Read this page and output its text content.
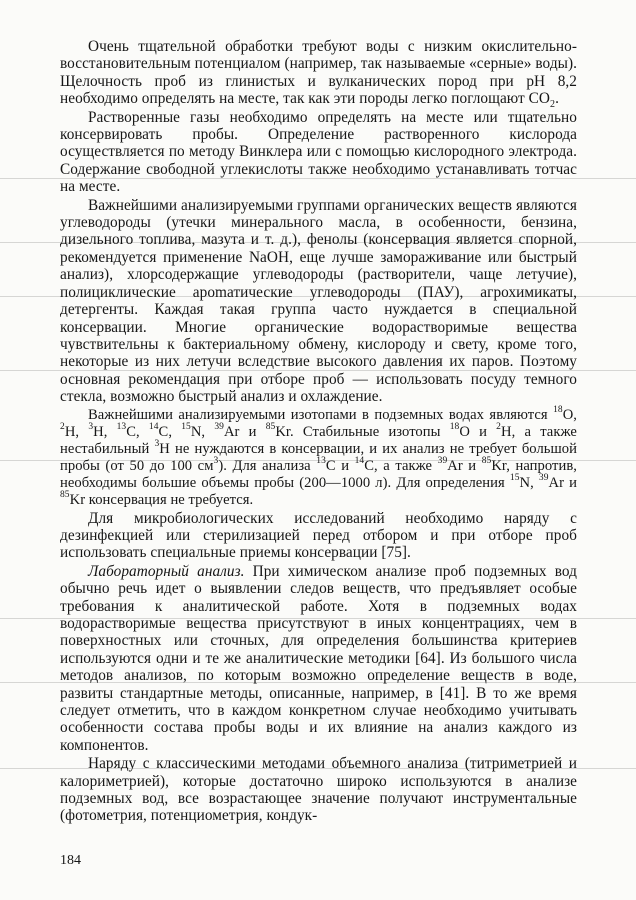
Очень тщательной обработки требуют воды с низким окислительно-восстановительным потенциалом (например, так называемые «серные» воды). Щелочность проб из глинистых и вулканических пород при pH 8,2 необходимо определять на месте, так как эти породы легко поглощают $CO_2$.

Растворенные газы необходимо определять на месте или тщательно консервировать пробы. Определение растворенного кислорода осуществляется по методу Винклера или с помощью кислородного электрода. Содержание свободной углекислоты также необходимо устанавливать тотчас на месте.

Важнейшими анализируемыми группами органических веществ являются углеводороды (утечки минерального масла, в особенности, бензина, дизельного топлива, мазута и т. д.), фенолы (консервация является спорной, рекомендуется применение NaOH, еще лучше замораживание или быстрый анализ), хлорсодержащие углеводороды (растворители, чаще летучие), полициклические ароmатические углеводороды (ПАУ), агрохимикаты, детергенты. Каждая такая группа часто нуждается в специальной консервации. Многие органические водорастворимые вещества чувствительны к бактериальному обмену, кислороду и свету, кроме того, некоторые из них летучи вследствие высокого давления их паров. Поэтому основная рекомендация при отборе проб — использовать посуду темного стекла, возможно быстрый анализ и охлаждение.

Важнейшими анализируемыми изотопами в подземных водах являются $^{18}$O, $^2$H, $^3$H, $^{13}$C, $^{14}$C, $^{15}$N, $^{39}$Ar и $^{85}$Kr. Стабильные изотопы $^{18}$O и $^2$H, а также нестабильный $^3$H не нуждаются в консервации, и их анализ не требует большой пробы (от 50 до 100 $см^3$). Для анализа $^{13}$C и $^{14}$C, а также $^{39}$Ar и $^{85}$Kr, напротив, необходимы большие объемы пробы (200—1000 л). Для определения $^{15}$N, $^{39}$Ar и $^{85}$Kr консервация не требуется.

Для микробиологических исследований необходимо наряду с дезинфекцией или стерилизацией перед отбором и при отборе проб использовать специальные приемы консервации [75].

Лабораторный анализ. При химическом анализе проб подземных вод обычно речь идет о выявлении следов веществ, что предъявляет особые требования к аналитической работе. Хотя в подземных водах водорастворимые вещества присутствуют в иных концентрациях, чем в поверхностных или сточных, для определения большинства критериев используются одни и те же аналитические методики [64]. Из большого числа методов анализов, по которым возможно определение веществ в воде, развиты стандартные методы, описанные, например, в [41]. В то же время следует отметить, что в каждом конкретном случае необходимо учитывать особенности состава пробы воды и их влияние на анализ каждого из компонентов.

Наряду с классическими методами объемного анализа (титриметрией и калориметрией), которые достаточно широко используются в анализе подземных вод, все возрастающее значение получают инструментальные (фотометрия, потенциометрия, кондук-

184
